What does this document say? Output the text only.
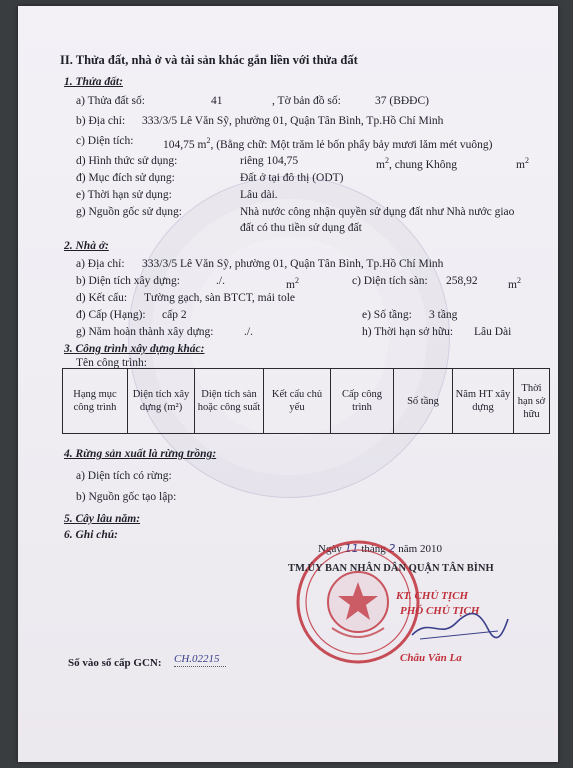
II. Thửa đất, nhà ở và tài sản khác gắn liền với thửa đất
1. Thửa đất:
a) Thửa đất số:	41	, Tờ bản đồ số:	37 (BĐĐC)
b) Địa chỉ: 333/3/5 Lê Văn Sỹ, phường 01, Quận Tân Bình, Tp.Hồ Chí Minh
c) Diện tích:	104,75 $m^2$, (Bằng chữ: Một trăm lẻ bốn phẩy bảy mươi lăm mét vuông)
d) Hình thức sử dụng:	riêng 104,75	$m^2$, chung Không	$m^2$
đ) Mục đích sử dụng:	Đất ở tại đô thị (ODT)
e) Thời hạn sử dụng:	Lâu dài.
g) Nguồn gốc sử dụng:	Nhà nước công nhận quyền sử dụng đất như Nhà nước giao
đất có thu tiền sử dụng đất
2. Nhà ở:
a) Địa chỉ: 333/3/5 Lê Văn Sỹ, phường 01, Quận Tân Bình, Tp.Hồ Chí Minh
b) Diện tích xây dựng:	./.	$m^2$	c) Diện tích sàn: 258,92	$m^2$
d) Kết cấu: Tường gạch, sàn BTCT, mái tole
đ) Cấp (Hạng): cấp 2	e) Số tầng: 3 tầng
g) Năm hoàn thành xây dựng:	./.	h) Thời hạn sở hữu: Lâu Dài
3. Công trình xây dựng khác:
Tên công trình:
Hạng mục công trình	Diện tích xây dựng (m²)	Diện tích sàn hoặc công suất	Kết cấu chủ yếu	Cấp công trình	Số tầng	Năm HT xây dựng	Thời hạn sở hữu
4. Rừng sản xuất là rừng trồng:
a) Diện tích có rừng:
b) Nguồn gốc tạo lập:
5. Cây lâu năm:
6. Ghi chú:
Ngày 11 tháng 2 năm 2010
TM.ỦY BAN NHÂN DÂN QUẬN TÂN BÌNH
KT. CHỦ TỊCH
PHÓ CHỦ TỊCH
Châu Văn La
Số vào sổ cấp GCN: CH.02215
